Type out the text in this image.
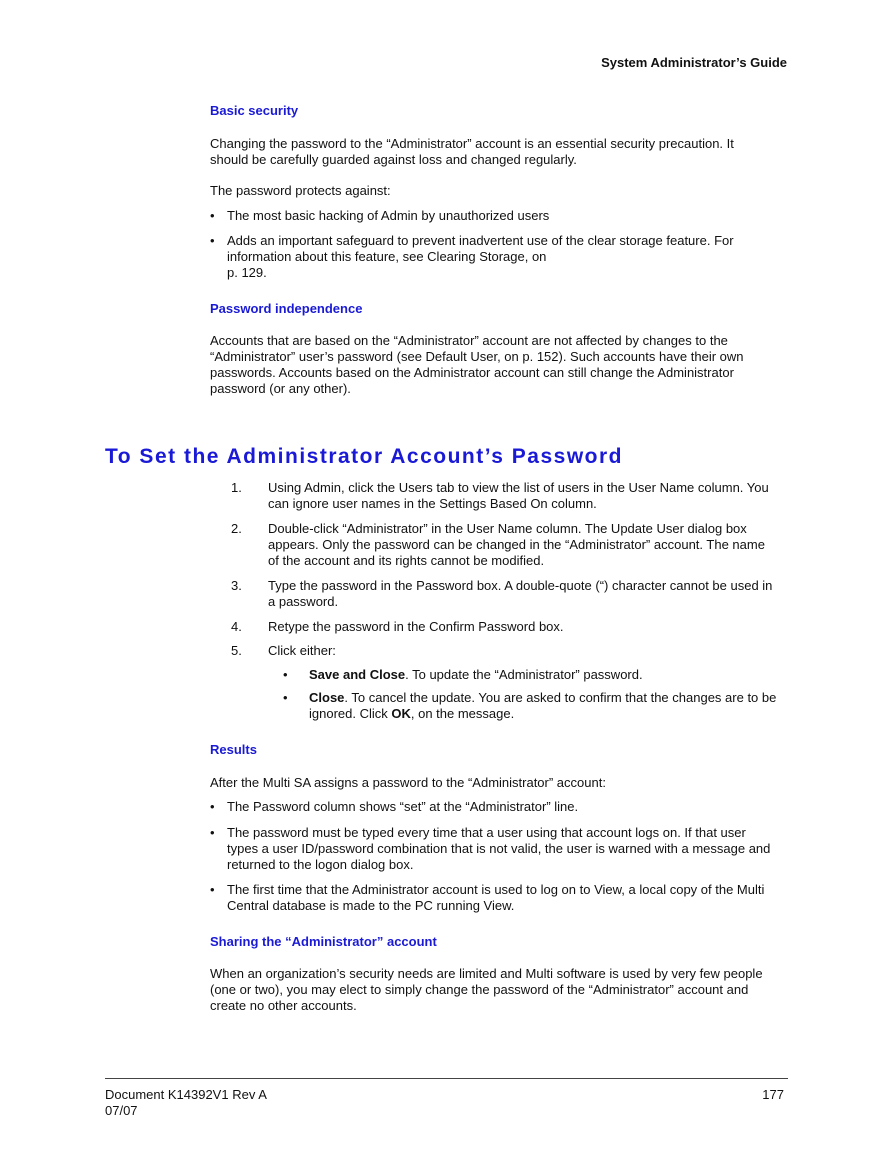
System Administrator’s Guide
Basic security
Changing the password to the “Administrator” account is an essential security precaution. It
should be carefully guarded against loss and changed regularly.
The password protects against:
• The most basic hacking of Admin by unauthorized users
• Adds an important safeguard to prevent inadvertent use of the clear storage feature. For
information about this feature, see Clearing Storage, on
p. 129.
Password independence
Accounts that are based on the “Administrator” account are not affected by changes to the
“Administrator” user’s password (see Default User, on p. 152). Such accounts have their own
passwords. Accounts based on the Administrator account can still change the Administrator
password (or any other).
To Set the Administrator Account’s Password
1. Using Admin, click the Users tab to view the list of users in the User Name column. You
can ignore user names in the Settings Based On column.
2. Double-click “Administrator” in the User Name column. The Update User dialog box
appears. Only the password can be changed in the “Administrator” account. The name
of the account and its rights cannot be modified.
3. Type the password in the Password box. A double-quote (“) character cannot be used in
a password.
4. Retype the password in the Confirm Password box.
5. Click either:
• Save and Close. To update the “Administrator” password.
• Close. To cancel the update. You are asked to confirm that the changes are to be
ignored. Click OK, on the message.
Results
After the Multi SA assigns a password to the “Administrator” account:
• The Password column shows “set” at the “Administrator” line.
• The password must be typed every time that a user using that account logs on. If that user
types a user ID/password combination that is not valid, the user is warned with a message and
returned to the logon dialog box.
• The first time that the Administrator account is used to log on to View, a local copy of the Multi
Central database is made to the PC running View.
Sharing the “Administrator” account
When an organization’s security needs are limited and Multi software is used by very few people
(one or two), you may elect to simply change the password of the “Administrator” account and
create no other accounts.
Document K14392V1 Rev A
07/07
177
